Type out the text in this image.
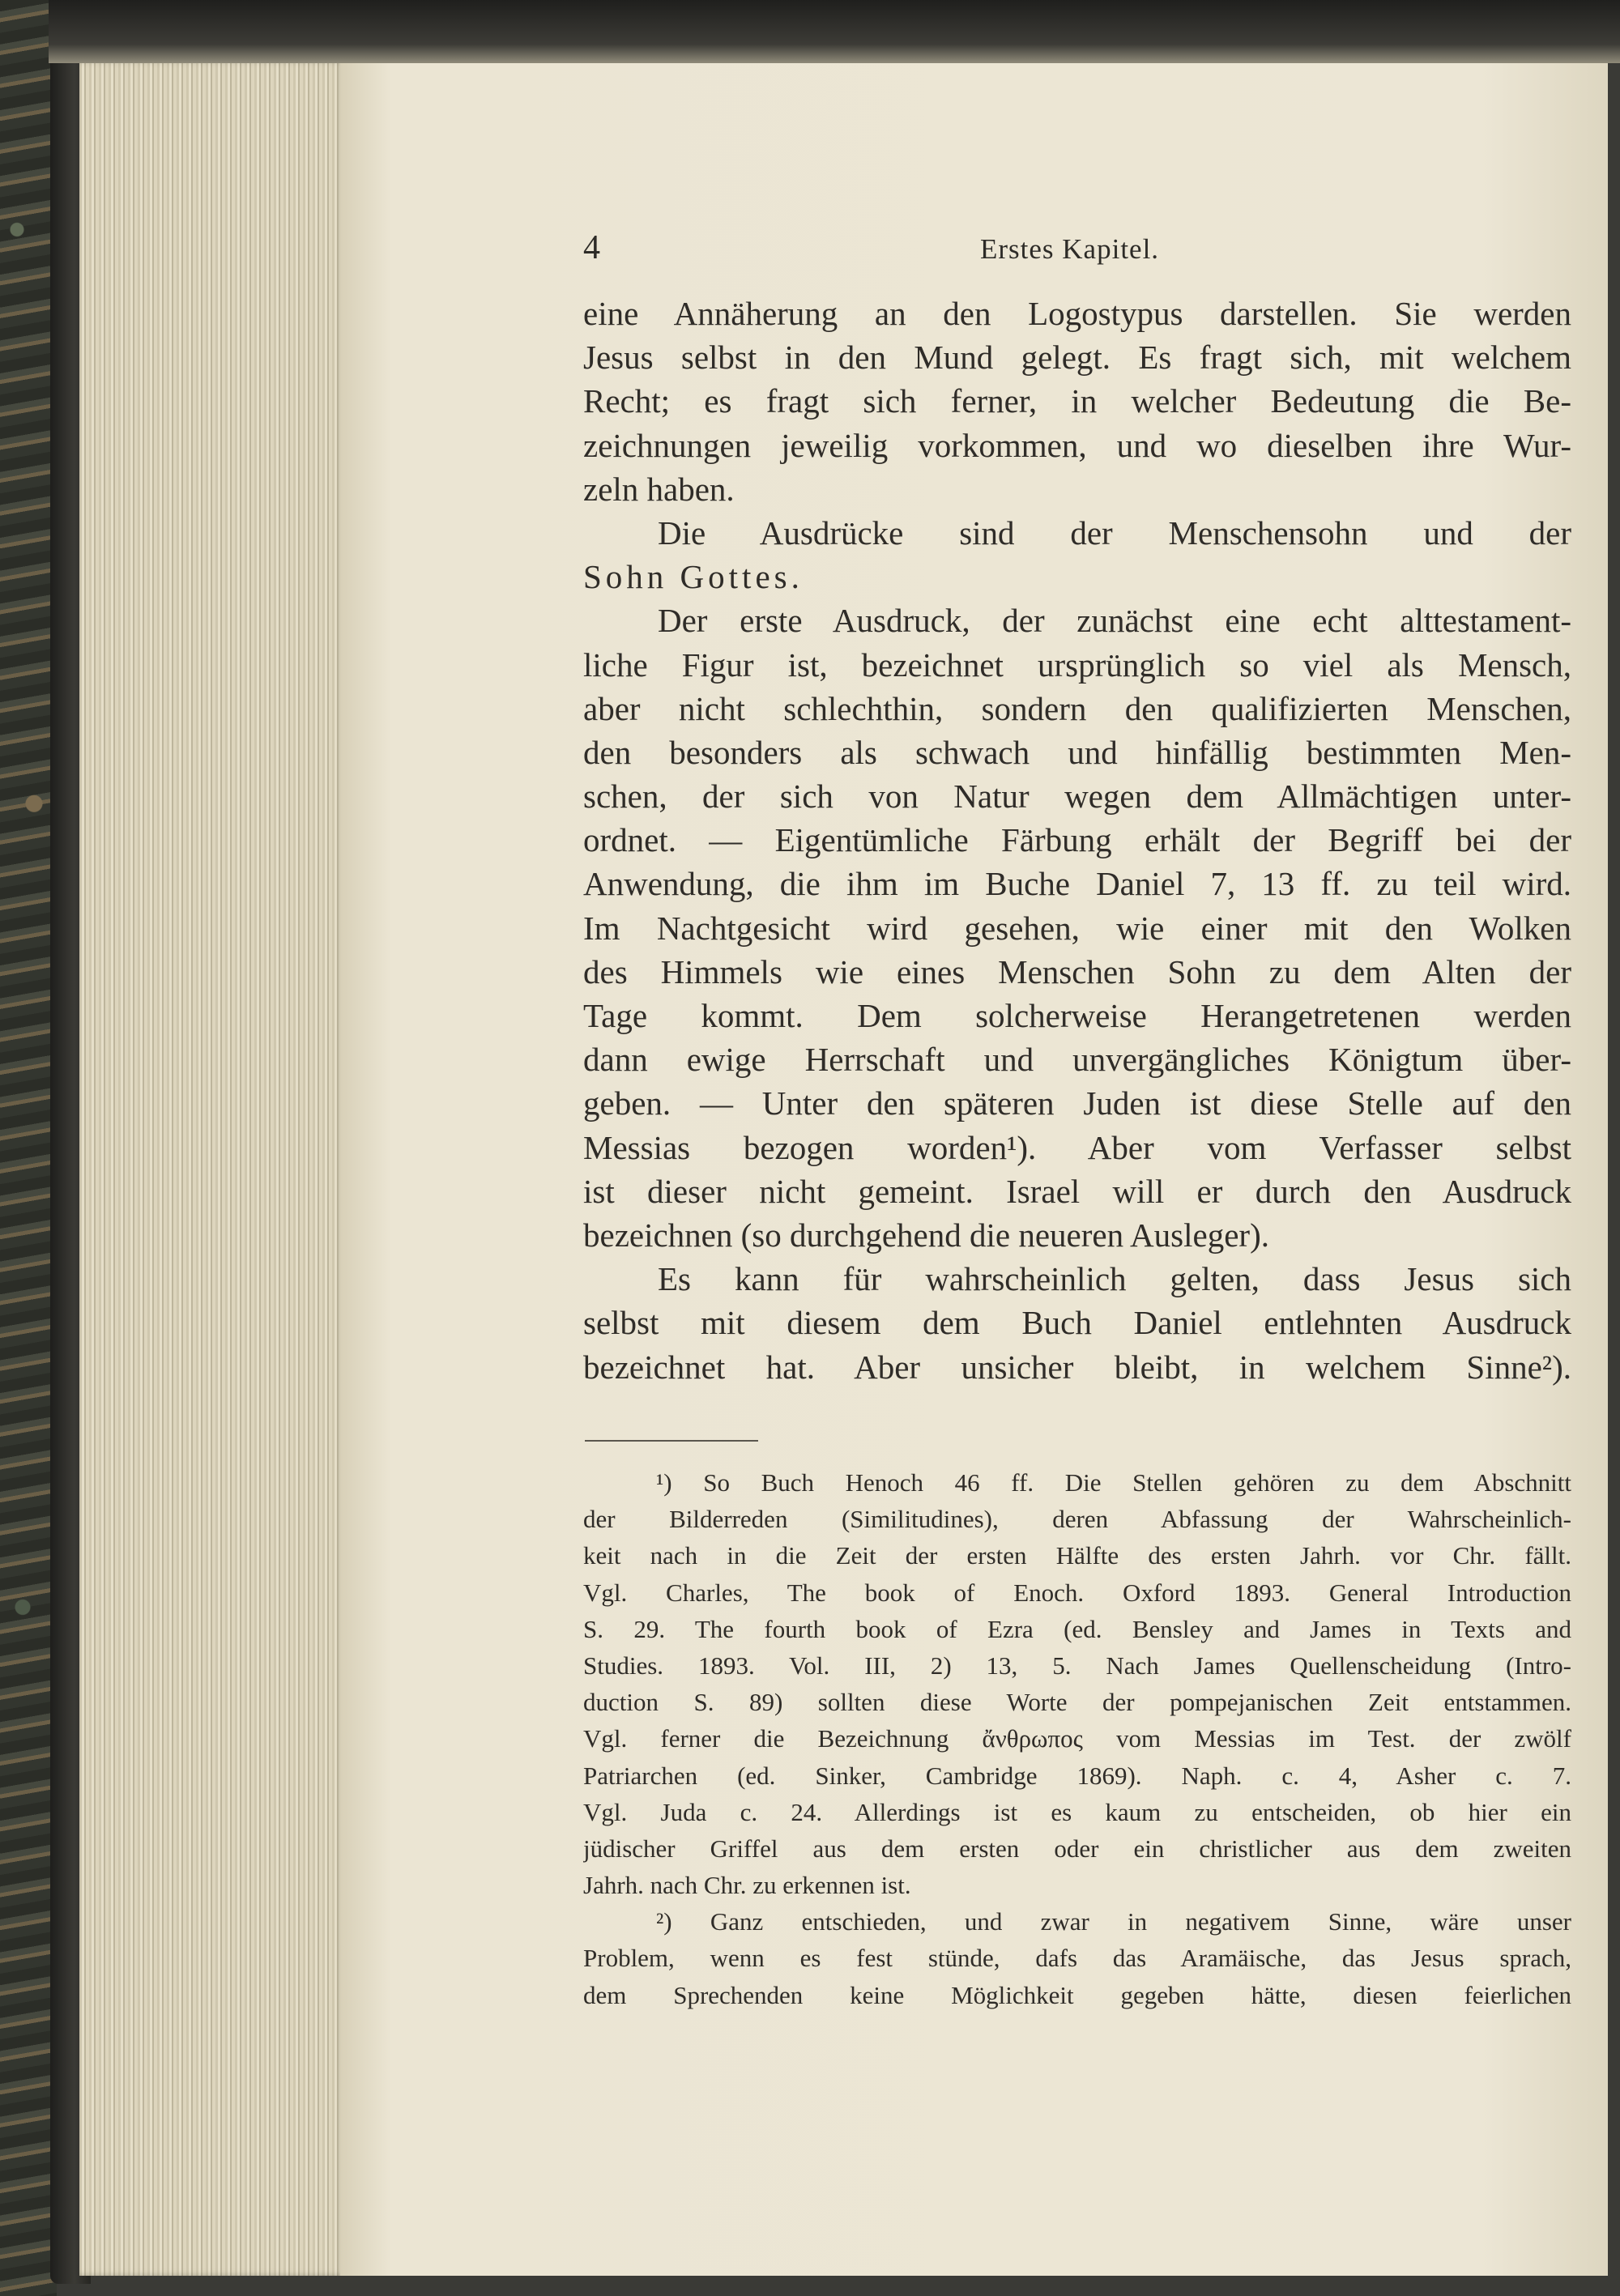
4	Erstes Kapitel.
eine Annäherung an den Logostypus darstellen. Sie werden
Jesus selbst in den Mund gelegt. Es fragt sich, mit welchem
Recht; es fragt sich ferner, in welcher Bedeutung die Be-
zeichnungen jeweilig vorkommen, und wo dieselben ihre Wur-
zeln haben.
Die Ausdrücke sind der Menschensohn und der
Sohn Gottes.
Der erste Ausdruck, der zunächst eine echt alttestament-
liche Figur ist, bezeichnet ursprünglich so viel als Mensch,
aber nicht schlechthin, sondern den qualifizierten Menschen,
den besonders als schwach und hinfällig bestimmten Men-
schen, der sich von Natur wegen dem Allmächtigen unter-
ordnet. — Eigentümliche Färbung erhält der Begriff bei der
Anwendung, die ihm im Buche Daniel 7, 13 ff. zu teil wird.
Im Nachtgesicht wird gesehen, wie einer mit den Wolken
des Himmels wie eines Menschen Sohn zu dem Alten der
Tage kommt. Dem solcherweise Herangetretenen werden
dann ewige Herrschaft und unvergängliches Königtum über-
geben. — Unter den späteren Juden ist diese Stelle auf den
Messias bezogen worden¹). Aber vom Verfasser selbst
ist dieser nicht gemeint. Israel will er durch den Ausdruck
bezeichnen (so durchgehend die neueren Ausleger).
Es kann für wahrscheinlich gelten, dass Jesus sich
selbst mit diesem dem Buch Daniel entlehnten Ausdruck
bezeichnet hat. Aber unsicher bleibt, in welchem Sinne²).
¹) So Buch Henoch 46 ff. Die Stellen gehören zu dem Abschnitt
der Bilderreden (Similitudines), deren Abfassung der Wahrscheinlich-
keit nach in die Zeit der ersten Hälfte des ersten Jahrh. vor Chr. fällt.
Vgl. Charles, The book of Enoch. Oxford 1893. General Introduction
S. 29. The fourth book of Ezra (ed. Bensley and James in Texts and
Studies. 1893. Vol. III, 2) 13, 5. Nach James Quellenscheidung (Intro-
duction S. 89) sollten diese Worte der pompejanischen Zeit entstammen.
Vgl. ferner die Bezeichnung ἄνθρωπος vom Messias im Test. der zwölf
Patriarchen (ed. Sinker, Cambridge 1869). Naph. c. 4, Asher c. 7.
Vgl. Juda c. 24. Allerdings ist es kaum zu entscheiden, ob hier ein
jüdischer Griffel aus dem ersten oder ein christlicher aus dem zweiten
Jahrh. nach Chr. zu erkennen ist.
²) Ganz entschieden, und zwar in negativem Sinne, wäre unser
Problem, wenn es fest stünde, dafs das Aramäische, das Jesus sprach,
dem Sprechenden keine Möglichkeit gegeben hätte, diesen feierlichen
